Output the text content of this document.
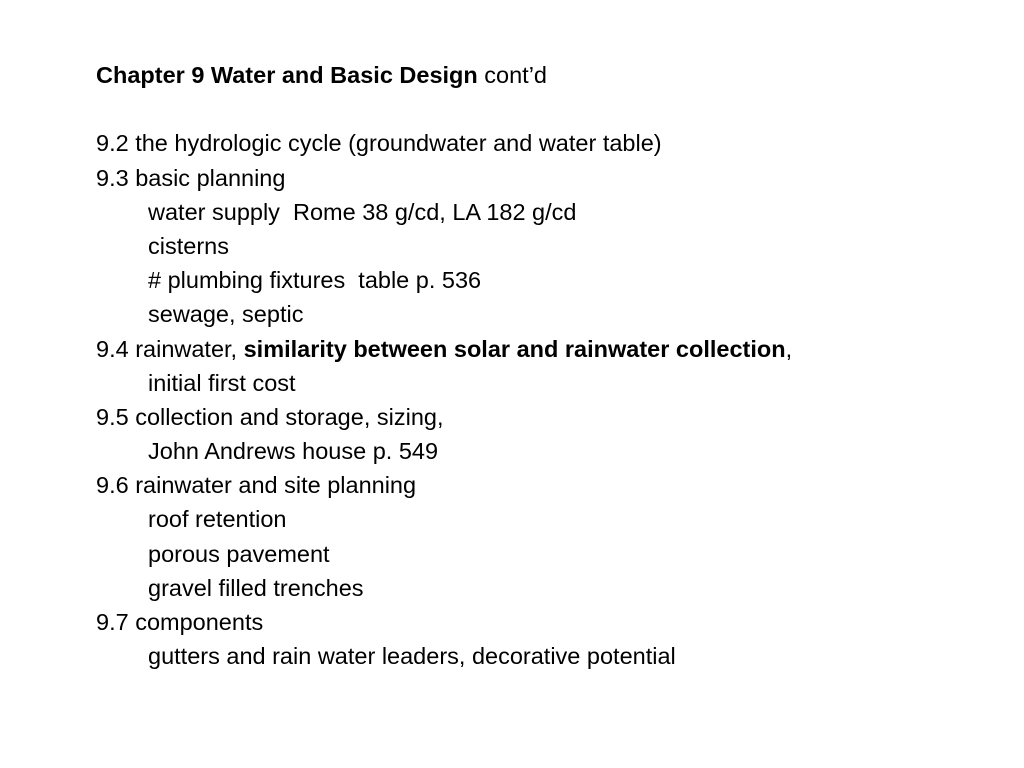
Chapter 9 Water and Basic Design cont’d
9.2 the hydrologic cycle (groundwater and water table)
9.3 basic planning
water supply  Rome 38 g/cd, LA 182 g/cd
cisterns
# plumbing fixtures  table p. 536
sewage, septic
9.4 rainwater, similarity between solar and rainwater collection,
initial first cost
9.5 collection and storage, sizing,
John Andrews house p. 549
9.6 rainwater and site planning
roof retention
porous pavement
gravel filled trenches
9.7 components
gutters and rain water leaders, decorative potential
